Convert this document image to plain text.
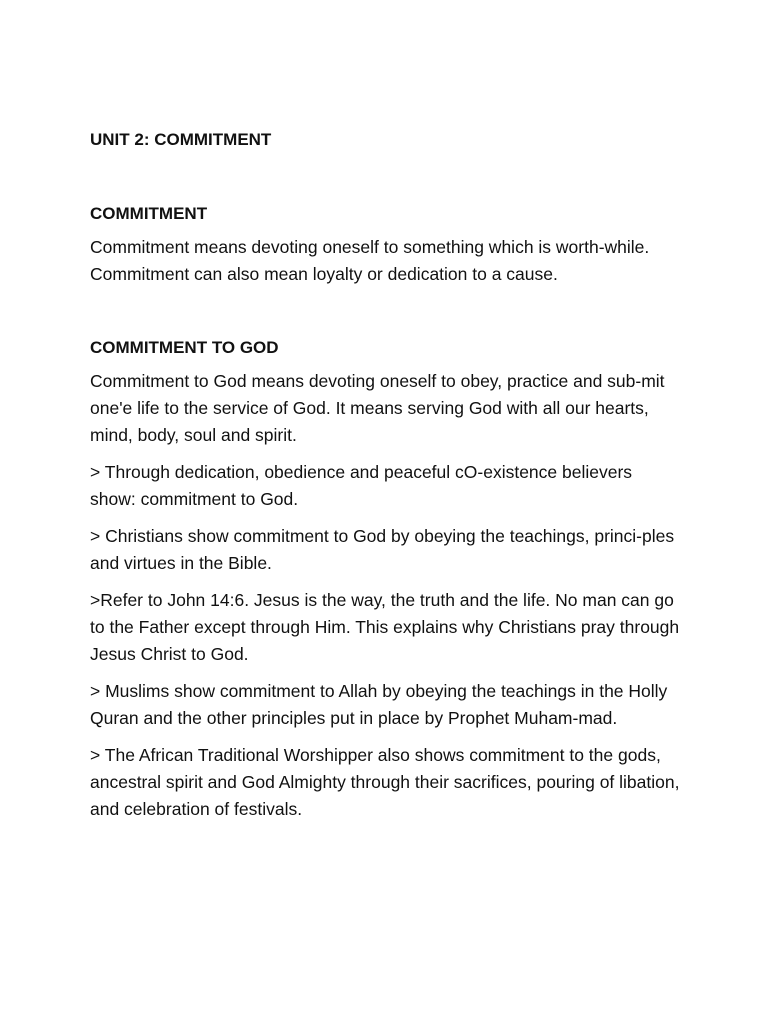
UNIT 2: COMMITMENT
COMMITMENT

Commitment means devoting oneself to something which is worth-while. Commitment can also mean loyalty or dedication to a cause.

COMMITMENT TO GOD

Commitment to God means devoting oneself to obey, practice and sub-mit one'e life to the service of God. It means serving God with all our hearts, mind, body, soul and spirit.

> Through dedication, obedience and peaceful cO-existence believers show: commitment to God.

> Christians show commitment to God by obeying the teachings, princi-ples and virtues in the Bible.

>Refer to John 14:6. Jesus is the way, the truth and the life. No man can go to the Father except through Him. This explains why Christians pray through Jesus Christ to God.

> Muslims show commitment to Allah by obeying the teachings in the Holly Quran and the other principles put in place by Prophet Muham-mad.

> The African Traditional Worshipper also shows commitment to the gods, ancestral spirit and God Almighty through their sacrifices, pouring of libation, and celebration of festivals.
